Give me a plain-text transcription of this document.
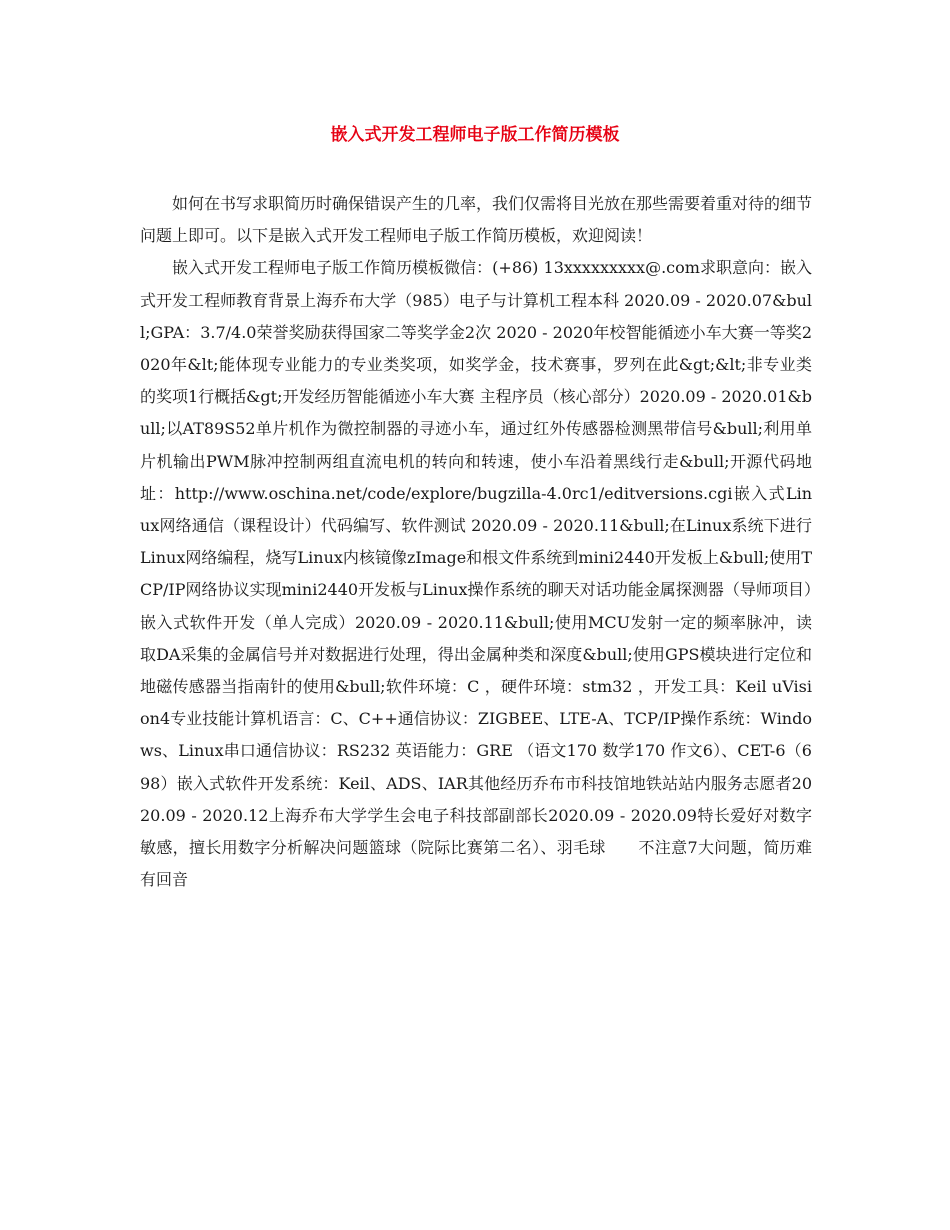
嵌入式开发工程师电子版工作简历模板

如何在书写求职简历时确保错误产生的几率，我们仅需将目光放在那些需要着重对待的细节问题上即可。以下是嵌入式开发工程师电子版工作简历模板，欢迎阅读！

嵌入式开发工程师电子版工作简历模板微信：(+86) 13xxxxxxxxx@.com求职意向：嵌入式开发工程师教育背景上海乔布大学（985）电子与计算机工程本科 2020.09 - 2020.07&bull;GPA：3.7/4.0荣誉奖励获得国家二等奖学金2次 2020 - 2020年校智能循迹小车大赛一等奖2020年&lt;能体现专业能力的专业类奖项，如奖学金，技术赛事，罗列在此&gt;&lt;非专业类的奖项1行概括&gt;开发经历智能循迹小车大赛 主程序员（核心部分）2020.09 - 2020.01&bull;以AT89S52单片机作为微控制器的寻迹小车，通过红外传感器检测黑带信号&bull;利用单片机输出PWM脉冲控制两组直流电机的转向和转速，使小车沿着黑线行走&bull;开源代码地址：http://www.oschina.net/code/explore/bugzilla-4.0rc1/editversions.cgi嵌入式Linux网络通信（课程设计）代码编写、软件测试 2020.09 - 2020.11&bull;在Linux系统下进行Linux网络编程，烧写Linux内核镜像zImage和根文件系统到mini2440开发板上&bull;使用TCP/IP网络协议实现mini2440开发板与Linux操作系统的聊天对话功能金属探测器（导师项目）嵌入式软件开发（单人完成）2020.09 - 2020.11&bull;使用MCU发射一定的频率脉冲，读取DA采集的金属信号并对数据进行处理，得出金属种类和深度&bull;使用GPS模块进行定位和地磁传感器当指南针的使用&bull;软件环境：C ，硬件环境：stm32 ，开发工具：Keil uVision4专业技能计算机语言：C、C++通信协议：ZIGBEE、LTE-A、TCP/IP操作系统：Windows、Linux串口通信协议：RS232 英语能力：GRE （语文170 数学170 作文6）、CET-6（698）嵌入式软件开发系统：Keil、ADS、IAR其他经历乔布市科技馆地铁站站内服务志愿者2020.09 - 2020.12上海乔布大学学生会电子科技部副部长2020.09 - 2020.09特长爱好对数字敏感，擅长用数字分析解决问题篮球（院际比赛第二名）、羽毛球　　不注意7大问题，简历难有回音
